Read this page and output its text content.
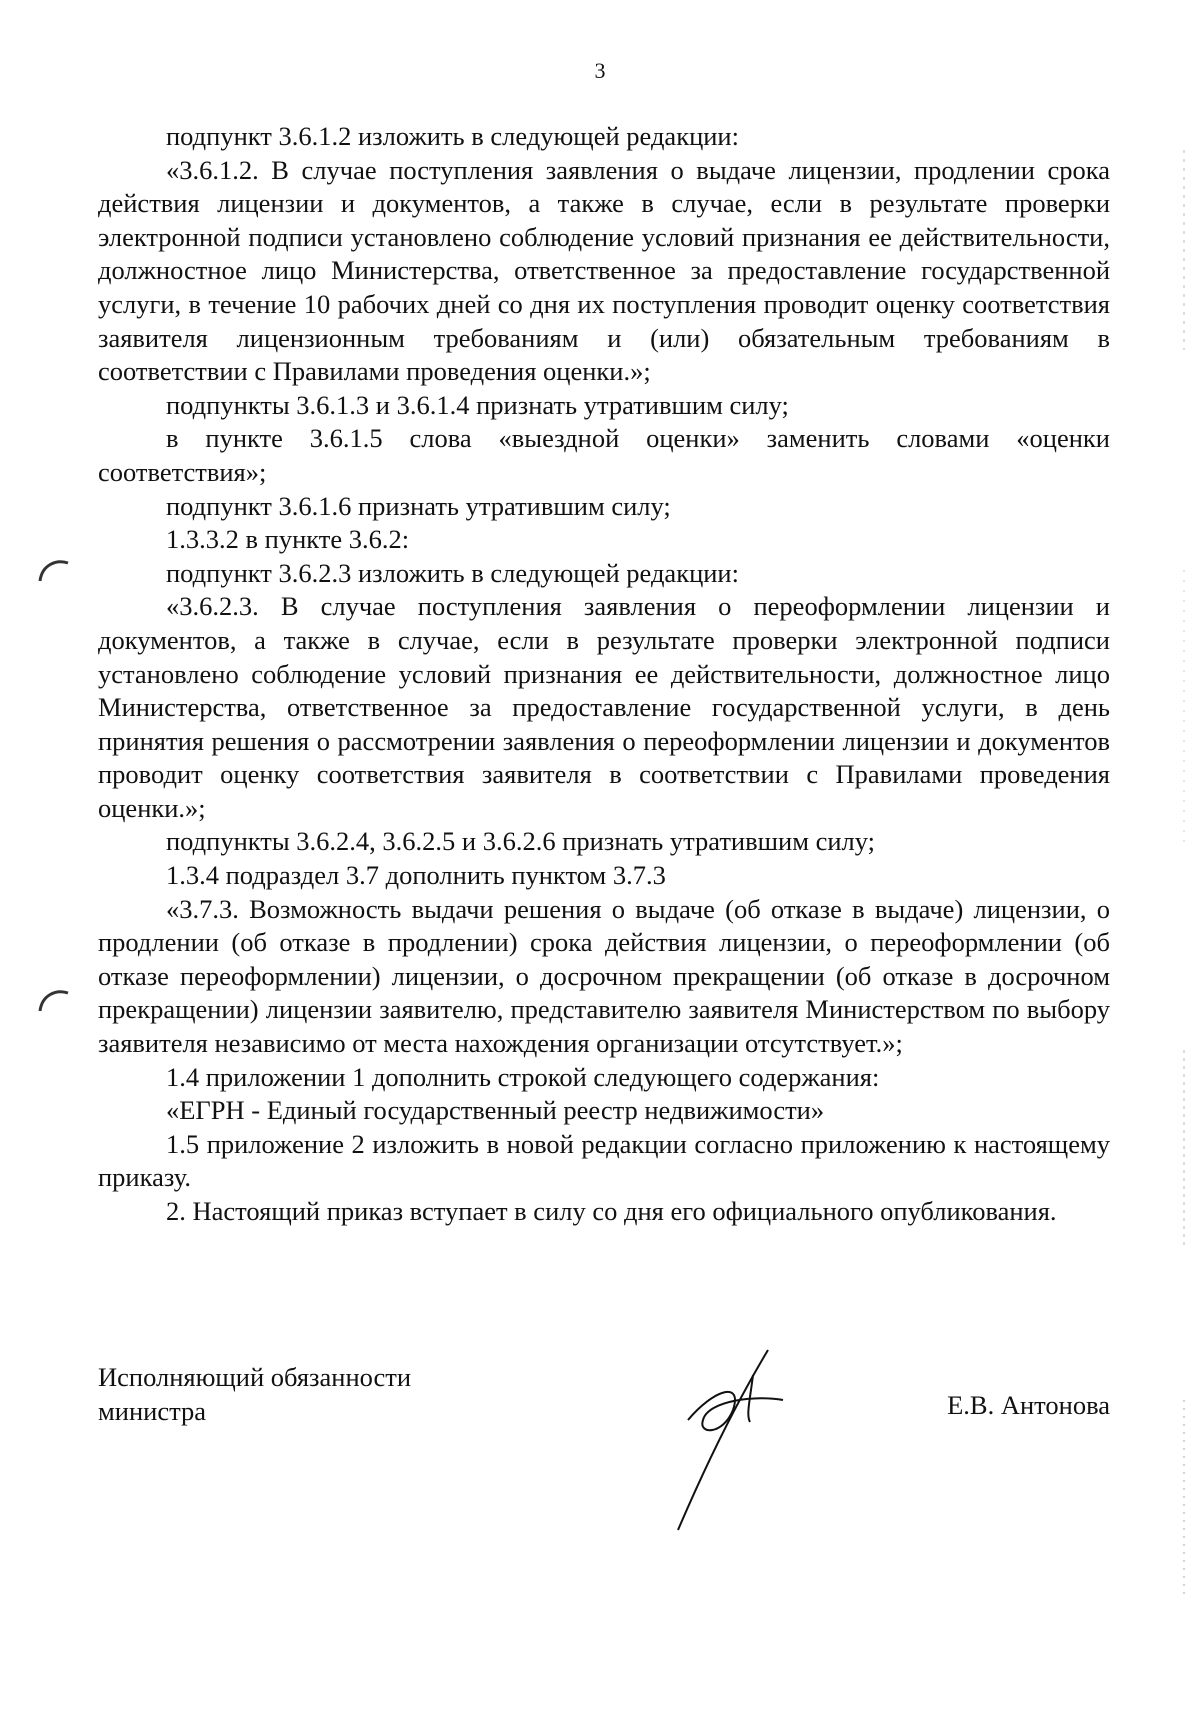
3

подпункт 3.6.1.2 изложить в следующей редакции:

«3.6.1.2. В случае поступления заявления о выдаче лицензии, продлении срока действия лицензии и документов, а также в случае, если в результате проверки электронной подписи установлено соблюдение условий признания ее действительности, должностное лицо Министерства, ответственное за предоставление государственной услуги, в течение 10 рабочих дней со дня их поступления проводит оценку соответствия заявителя лицензионным требованиям и (или) обязательным требованиям в соответствии с Правилами проведения оценки.»;

подпункты 3.6.1.3 и 3.6.1.4 признать утратившим силу;

в пункте 3.6.1.5 слова «выездной оценки» заменить словами «оценки соответствия»;

подпункт 3.6.1.6 признать утратившим силу;

1.3.3.2 в пункте 3.6.2:

подпункт 3.6.2.3 изложить в следующей редакции:

«3.6.2.3. В случае поступления заявления о переоформлении лицензии и документов, а также в случае, если в результате проверки электронной подписи установлено соблюдение условий признания ее действительности, должностное лицо Министерства, ответственное за предоставление государственной услуги, в день принятия решения о рассмотрении заявления о переоформлении лицензии и документов проводит оценку соответствия заявителя в соответствии с Правилами проведения оценки.»;

подпункты 3.6.2.4, 3.6.2.5 и 3.6.2.6 признать утратившим силу;

1.3.4 подраздел 3.7 дополнить пунктом 3.7.3

«3.7.3. Возможность выдачи решения о выдаче (об отказе в выдаче) лицензии, о продлении (об отказе в продлении) срока действия лицензии, о переоформлении (об отказе переоформлении) лицензии, о досрочном прекращении (об отказе в досрочном прекращении) лицензии заявителю, представителю заявителя Министерством по выбору заявителя независимо от места нахождения организации отсутствует.»;

1.4 приложении 1 дополнить строкой следующего содержания:

«ЕГРН - Единый государственный реестр недвижимости»

1.5 приложение 2 изложить в новой редакции согласно приложению к настоящему приказу.

2. Настоящий приказ вступает в силу со дня его официального опубликования.

Исполняющий обязанности
министра	Е.В. Антонова
